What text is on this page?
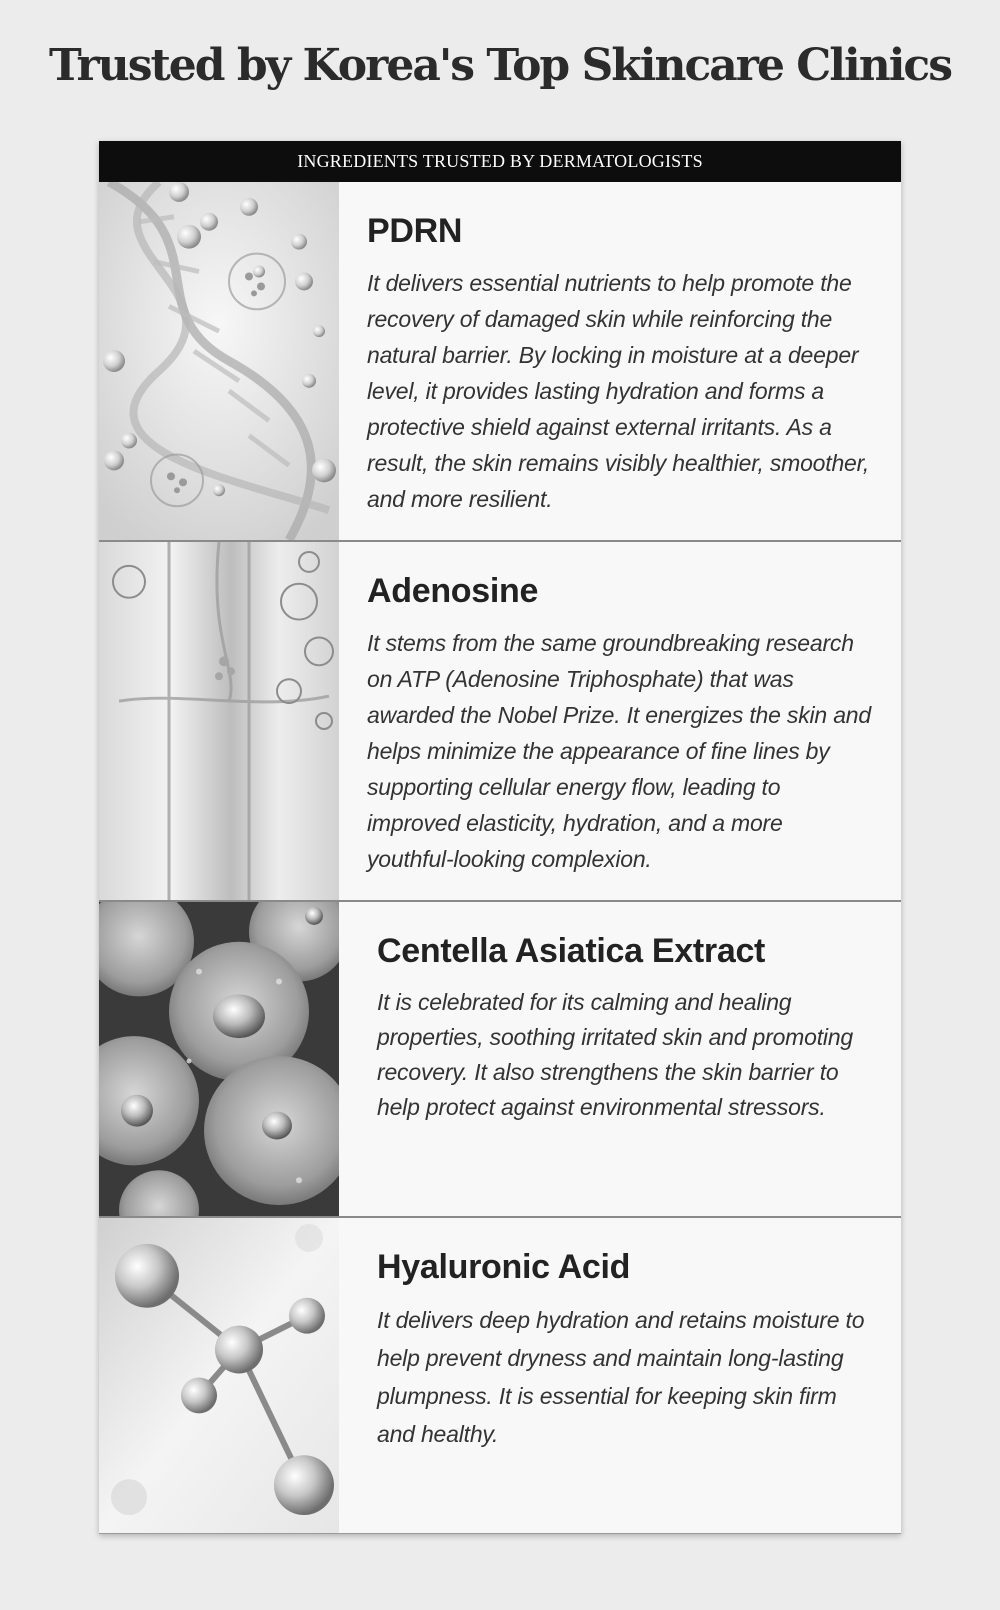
Trusted by Korea's Top Skincare Clinics
INGREDIENTS TRUSTED BY DERMATOLOGISTS
PDRN

It delivers essential nutrients to help promote the recovery of damaged skin while reinforcing the natural barrier. By locking in moisture at a deeper level, it provides lasting hydration and forms a protective shield against external irritants. As a result, the skin remains visibly healthier, smoother, and more resilient.

Adenosine

It stems from the same groundbreaking research on ATP (Adenosine Triphosphate) that was awarded the Nobel Prize. It energizes the skin and helps minimize the appearance of fine lines by supporting cellular energy flow, leading to improved elasticity, hydration, and a more youthful-looking complexion.

Centella Asiatica Extract

It is celebrated for its calming and healing properties, soothing irritated skin and promoting recovery. It also strengthens the skin barrier to help protect against environmental stressors.

Hyaluronic Acid

It delivers deep hydration and retains moisture to help prevent dryness and maintain long-lasting plumpness. It is essential for keeping skin firm and healthy.
